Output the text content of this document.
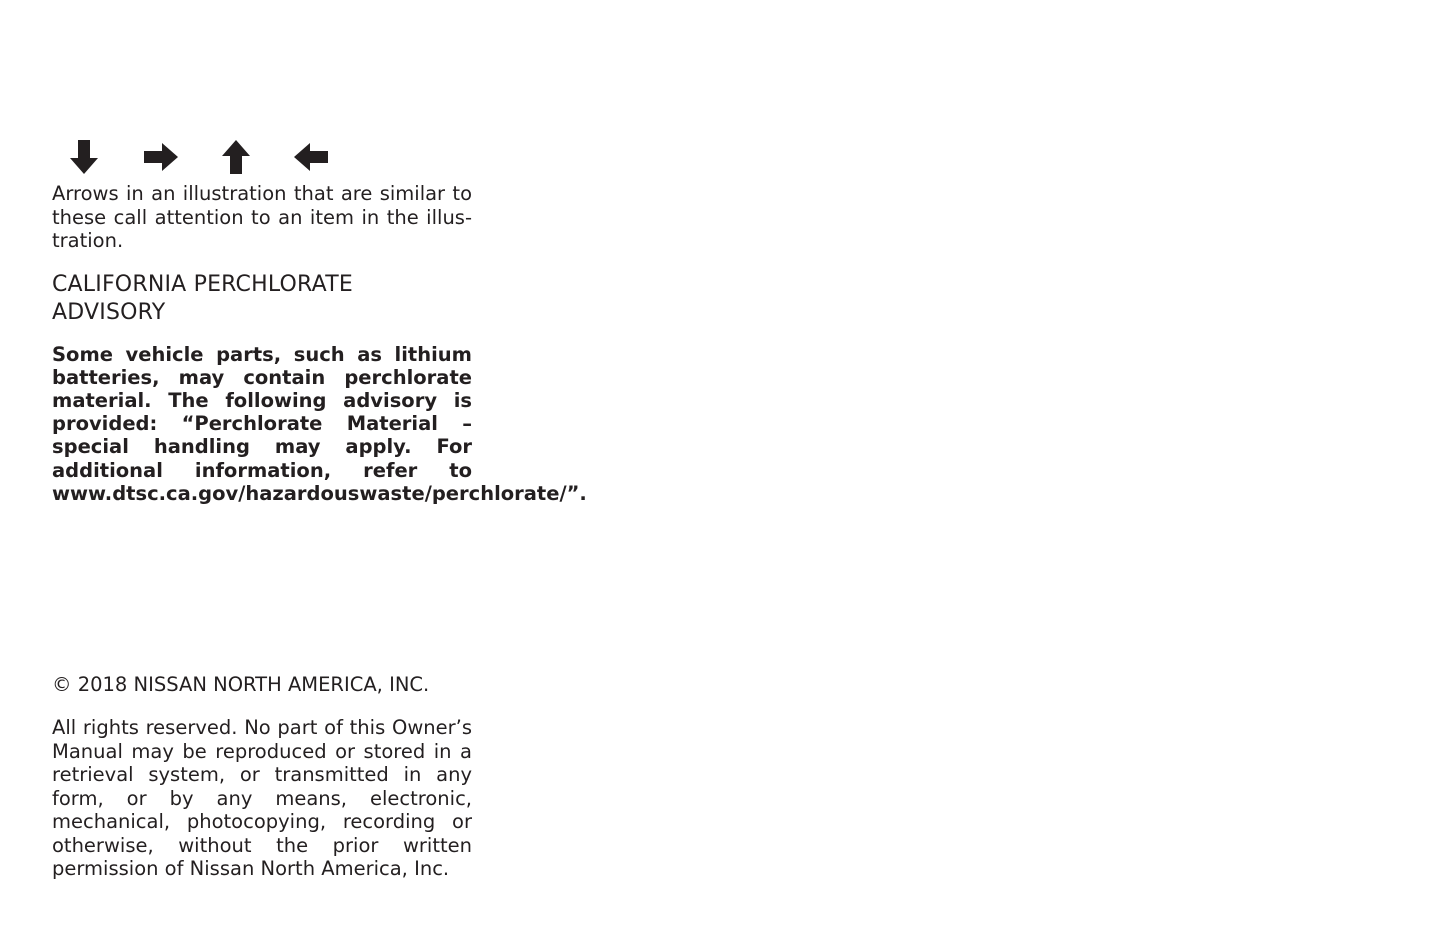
Arrows in an illustration that are similar to these call attention to an item in the illus-tration.

CALIFORNIA PERCHLORATE ADVISORY

Some vehicle parts, such as lithium batteries, may contain perchlorate material. The following advisory is provided: “Perchlorate Material – special handling may apply. For additional information, refer to www.dtsc.ca.gov/hazardouswaste/perchlorate/”.

© 2018 NISSAN NORTH AMERICA, INC.

All rights reserved. No part of this Owner’s Manual may be reproduced or stored in a retrieval system, or transmitted in any form, or by any means, electronic, mechanical, photocopying, recording or otherwise, without the prior written permission of Nissan North America, Inc.
